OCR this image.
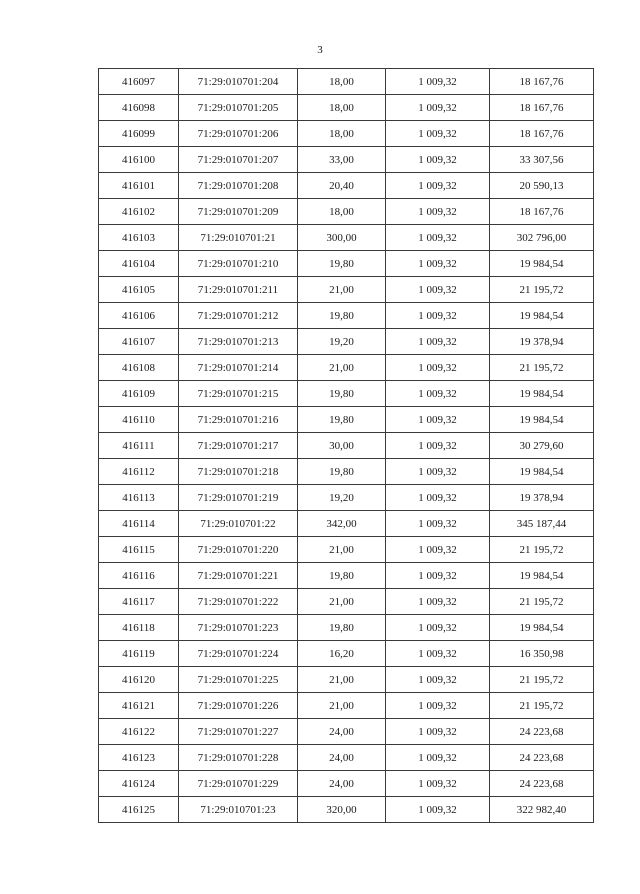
3
416097	71:29:010701:204	18,00	1 009,32	18 167,76
416098	71:29:010701:205	18,00	1 009,32	18 167,76
416099	71:29:010701:206	18,00	1 009,32	18 167,76
416100	71:29:010701:207	33,00	1 009,32	33 307,56
416101	71:29:010701:208	20,40	1 009,32	20 590,13
416102	71:29:010701:209	18,00	1 009,32	18 167,76
416103	71:29:010701:21	300,00	1 009,32	302 796,00
416104	71:29:010701:210	19,80	1 009,32	19 984,54
416105	71:29:010701:211	21,00	1 009,32	21 195,72
416106	71:29:010701:212	19,80	1 009,32	19 984,54
416107	71:29:010701:213	19,20	1 009,32	19 378,94
416108	71:29:010701:214	21,00	1 009,32	21 195,72
416109	71:29:010701:215	19,80	1 009,32	19 984,54
416110	71:29:010701:216	19,80	1 009,32	19 984,54
416111	71:29:010701:217	30,00	1 009,32	30 279,60
416112	71:29:010701:218	19,80	1 009,32	19 984,54
416113	71:29:010701:219	19,20	1 009,32	19 378,94
416114	71:29:010701:22	342,00	1 009,32	345 187,44
416115	71:29:010701:220	21,00	1 009,32	21 195,72
416116	71:29:010701:221	19,80	1 009,32	19 984,54
416117	71:29:010701:222	21,00	1 009,32	21 195,72
416118	71:29:010701:223	19,80	1 009,32	19 984,54
416119	71:29:010701:224	16,20	1 009,32	16 350,98
416120	71:29:010701:225	21,00	1 009,32	21 195,72
416121	71:29:010701:226	21,00	1 009,32	21 195,72
416122	71:29:010701:227	24,00	1 009,32	24 223,68
416123	71:29:010701:228	24,00	1 009,32	24 223,68
416124	71:29:010701:229	24,00	1 009,32	24 223,68
416125	71:29:010701:23	320,00	1 009,32	322 982,40
